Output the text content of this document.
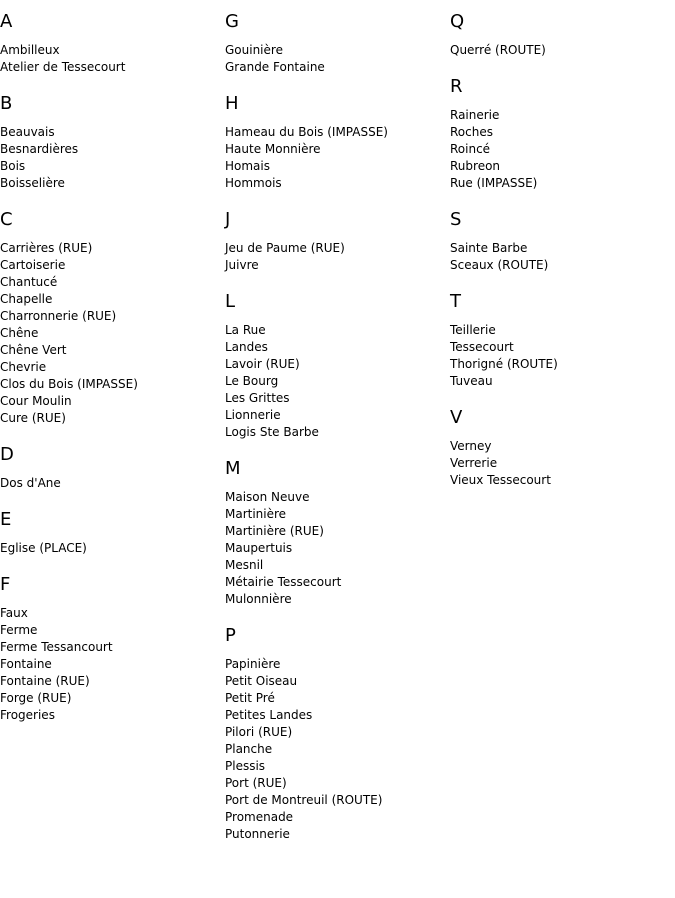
A
Ambilleux
Atelier de Tessecourt
B
Beauvais
Besnardières
Bois
Boisselière
C
Carrières (RUE)
Cartoiserie
Chantucé
Chapelle
Charronnerie (RUE)
Chêne
Chêne Vert
Chevrie
Clos du Bois (IMPASSE)
Cour Moulin
Cure (RUE)
D
Dos d'Ane
E
Eglise (PLACE)
F
Faux
Ferme
Ferme Tessancourt
Fontaine
Fontaine (RUE)
Forge (RUE)
Frogeries
G
Gouinière
Grande Fontaine
H
Hameau du Bois (IMPASSE)
Haute Monnière
Homais
Hommois
J
Jeu de Paume (RUE)
Juivre
L
La Rue
Landes
Lavoir (RUE)
Le Bourg
Les Grittes
Lionnerie
Logis Ste Barbe
M
Maison Neuve
Martinière
Martinière (RUE)
Maupertuis
Mesnil
Métairie Tessecourt
Mulonnière
P
Papinière
Petit Oiseau
Petit Pré
Petites Landes
Pilori (RUE)
Planche
Plessis
Port (RUE)
Port de Montreuil (ROUTE)
Promenade
Putonnerie
Q
Querré (ROUTE)
R
Rainerie
Roches
Roincé
Rubreon
Rue (IMPASSE)
S
Sainte Barbe
Sceaux (ROUTE)
T
Teillerie
Tessecourt
Thorigné (ROUTE)
Tuveau
V
Verney
Verrerie
Vieux Tessecourt
